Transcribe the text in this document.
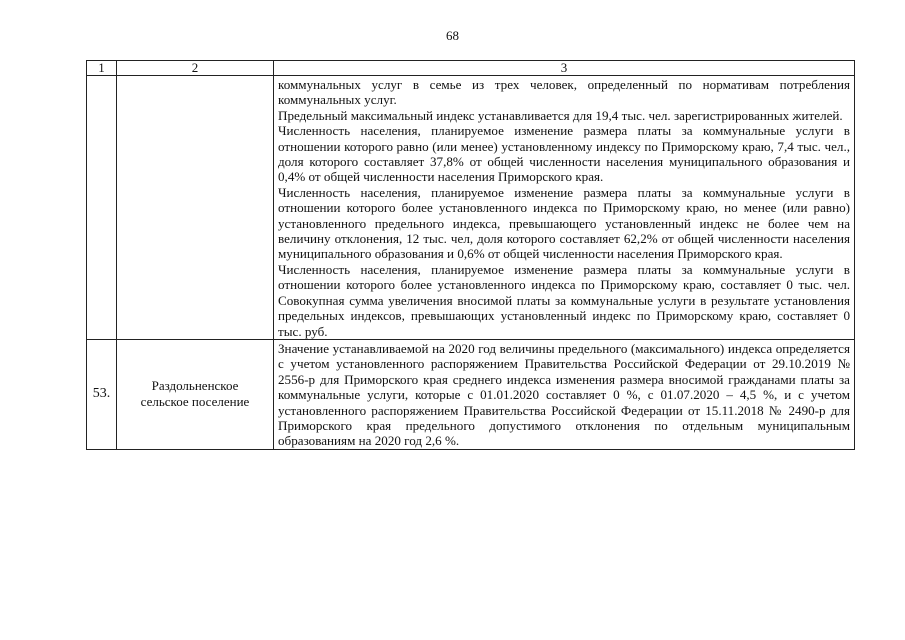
68
1	2	3

		коммунальных услуг в семье из трех человек, определенный по нормативам потребления коммунальных услуг.

Предельный максимальный индекс устанавливается для 19,4 тыс. чел. зарегистрированных жителей.

Численность населения, планируемое изменение размера платы за коммунальные услуги в отношении которого равно (или менее) установленному индексу по Приморскому краю, 7,4 тыс. чел., доля которого составляет 37,8% от общей численности населения муниципального образования и 0,4% от общей численности населения Приморского края.

Численность населения, планируемое изменение размера платы за коммунальные услуги в отношении которого более установленного индекса по Приморскому краю, но менее (или равно) установленного предельного индекса, превышающего установленный индекс не более чем на величину отклонения, 12 тыс. чел, доля которого составляет 62,2% от общей численности населения муниципального образования и 0,6% от общей численности населения Приморского края.

Численность населения, планируемое изменение размера платы за коммунальные услуги в отношении которого более установленного индекса по Приморскому краю, составляет 0 тыс. чел. Совокупная сумма увеличения вносимой платы за коммунальные услуги в результате установления предельных индексов, превышающих установленный индекс по Приморскому краю, составляет 0 тыс. руб.

53.	Раздольненское
сельское поселение	Значение устанавливаемой на 2020 год величины предельного (максимального) индекса определяется с учетом установленного распоряжением Правительства Российской Федерации от 29.10.2019 № 2556-р для Приморского края среднего индекса изменения размера вносимой гражданами платы за коммунальные услуги, которые с 01.01.2020 составляет 0 %, с 01.07.2020 – 4,5 %, и с учетом установленного распоряжением Правительства Российской Федерации от 15.11.2018 № 2490-р для Приморского края предельного допустимого отклонения по отдельным муниципальным образованиям на 2020 год 2,6 %.
